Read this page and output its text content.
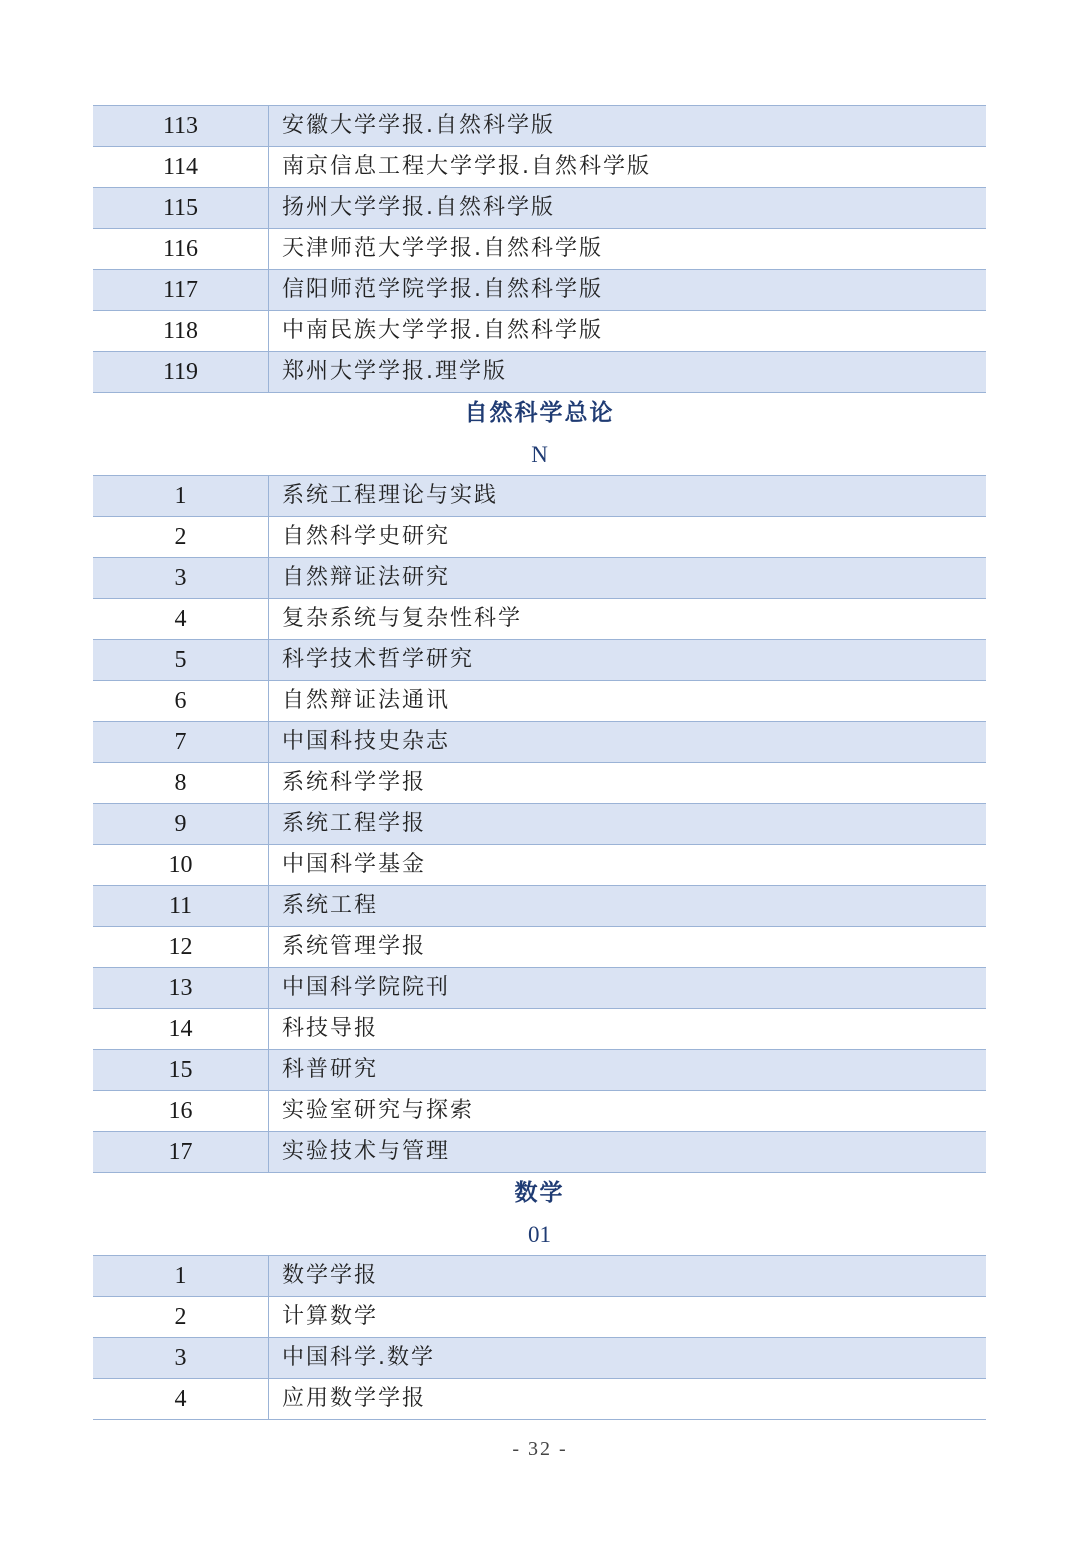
113	安徽大学学报.自然科学版
114	南京信息工程大学学报.自然科学版
115	扬州大学学报.自然科学版
116	天津师范大学学报.自然科学版
117	信阳师范学院学报.自然科学版
118	中南民族大学学报.自然科学版
119	郑州大学学报.理学版
自然科学总论
N
1	系统工程理论与实践
2	自然科学史研究
3	自然辩证法研究
4	复杂系统与复杂性科学
5	科学技术哲学研究
6	自然辩证法通讯
7	中国科技史杂志
8	系统科学学报
9	系统工程学报
10	中国科学基金
11	系统工程
12	系统管理学报
13	中国科学院院刊
14	科技导报
15	科普研究
16	实验室研究与探索
17	实验技术与管理
数学
01
1	数学学报
2	计算数学
3	中国科学.数学
4	应用数学学报
- 32 -
